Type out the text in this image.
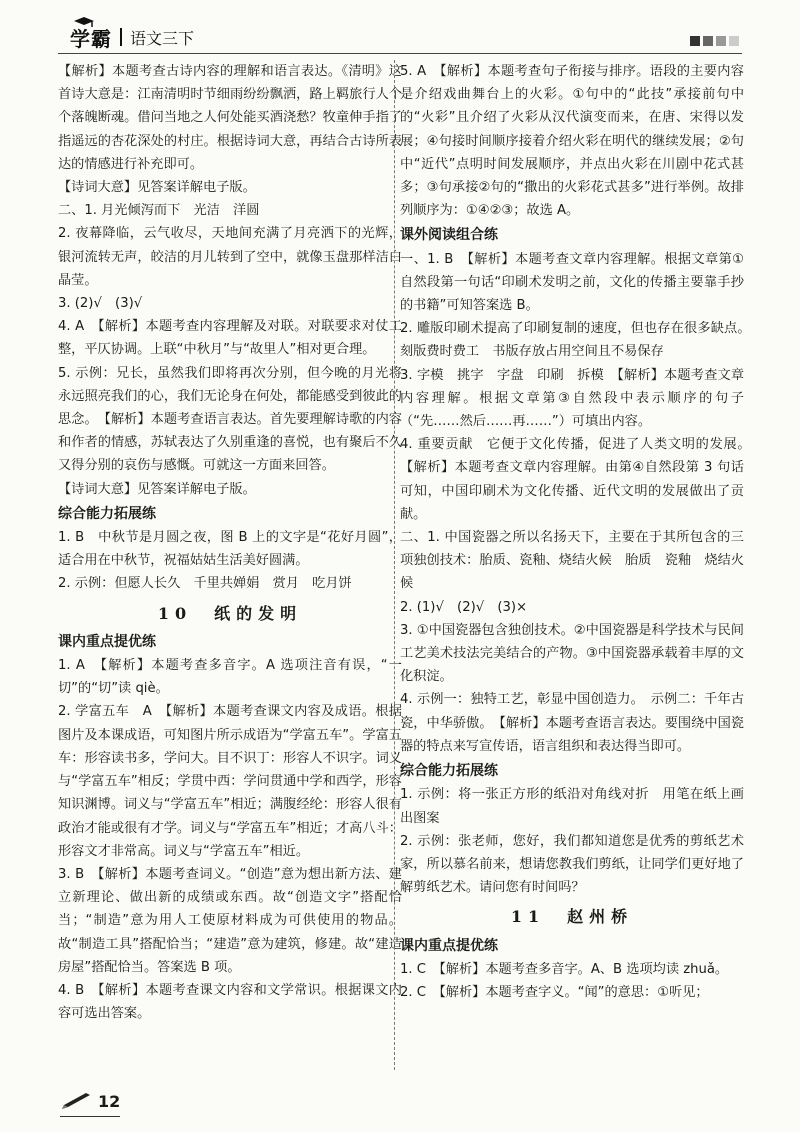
学霸 语文三下
【解析】本题考查古诗内容的理解和语言表达。《清明》这首诗大意是：江南清明时节细雨纷纷飘洒，路上羁旅行人个个落魄断魂。借问当地之人何处能买酒浇愁？牧童伸手指了指遥远的杏花深处的村庄。根据诗词大意，再结合古诗所表达的情感进行补充即可。
【诗词大意】见答案详解电子版。
二、1. 月光倾泻而下　光洁　洋圆
2. 夜幕降临，云气收尽，天地间充满了月亮洒下的光辉，银河流转无声，皎洁的月儿转到了空中，就像玉盘那样洁白晶莹。
3. (2)√　(3)√
4. A　【解析】本题考查内容理解及对联。对联要求对仗工整，平仄协调。上联“中秋月”与“故里人”相对更合理。
5. 示例：兄长，虽然我们即将再次分别，但今晚的月光将永远照亮我们的心，我们无论身在何处，都能感受到彼此的思念。　【解析】本题考查语言表达。首先要理解诗歌的内容和作者的情感，苏轼表达了久别重逢的喜悦，也有聚后不久又得分别的哀伤与感慨。可就这一方面来回答。
【诗词大意】见答案详解电子版。
综合能力拓展练
1. B　中秋节是月圆之夜，图 B 上的文字是“花好月圆”，适合用在中秋节，祝福姑姑生活美好圆满。
2. 示例：但愿人长久　千里共婵娟　赏月　吃月饼
10　纸的发明
课内重点提优练
1. A　【解析】本题考查多音字。A 选项注音有误，“一切”的“切”读 qiè。
2. 学富五车　A　【解析】本题考查课文内容及成语。根据图片及本课成语，可知图片所示成语为“学富五车”。学富五车：形容读书多，学问大。目不识丁：形容人不识字。词义与“学富五车”相反；学贯中西：学问贯通中学和西学，形容知识渊博。词义与“学富五车”相近；满腹经纶：形容人很有政治才能或很有才学。词义与“学富五车”相近；才高八斗：形容文才非常高。词义与“学富五车”相近。
3. B　【解析】本题考查词义。“创造”意为想出新方法、建立新理论、做出新的成绩或东西。故“创造文字”搭配恰当；“制造”意为用人工使原材料成为可供使用的物品。故“制造工具”搭配恰当；“建造”意为建筑，修建。故“建造房屋”搭配恰当。答案选 B 项。
4. B　【解析】本题考查课文内容和文学常识。根据课文内容可选出答案。
5. A　【解析】本题考查句子衔接与排序。语段的主要内容是介绍戏曲舞台上的火彩。①句中的“此技”承接前句中的“火彩”且介绍了火彩从汉代演变而来，在唐、宋得以发展；④句接时间顺序接着介绍火彩在明代的继续发展；②句中“近代”点明时间发展顺序，并点出火彩在川剧中花式甚多；③句承接②句的“撒出的火彩花式甚多”进行举例。故排列顺序为：①④②③；故选 A。
课外阅读组合练
一、1. B　【解析】本题考查文章内容理解。根据文章第①自然段第一句话“印刷术发明之前，文化的传播主要靠手抄的书籍”可知答案选 B。
2. 雕版印刷术提高了印刷复制的速度，但也存在很多缺点。　刻版费时费工　书版存放占用空间且不易保存
3. 字模　挑字　字盘　印刷　拆模　【解析】本题考查文章内容理解。根据文章第③自然段中表示顺序的句子（“先……然后……再……”）可填出内容。
4. 重要贡献　它便于文化传播，促进了人类文明的发展。　【解析】本题考查文章内容理解。由第④自然段第 3 句话可知，中国印刷术为文化传播、近代文明的发展做出了贡献。
二、1. 中国瓷器之所以名扬天下，主要在于其所包含的三项独创技术：胎质、瓷釉、烧结火候　胎质　瓷釉　烧结火候
2. (1)√　(2)√　(3)×
3. ①中国瓷器包含独创技术。②中国瓷器是科学技术与民间工艺美术技法完美结合的产物。③中国瓷器承载着丰厚的文化积淀。
4. 示例一：独特工艺，彰显中国创造力。　示例二：千年古瓷，中华骄傲。　【解析】本题考查语言表达。要围绕中国瓷器的特点来写宣传语，语言组织和表达得当即可。
综合能力拓展练
1. 示例：将一张正方形的纸沿对角线对折　用笔在纸上画出图案
2. 示例：张老师，您好，我们都知道您是优秀的剪纸艺术家，所以慕名前来，想请您教我们剪纸，让同学们更好地了解剪纸艺术。请问您有时间吗？
11　赵州桥
课内重点提优练
1. C　【解析】本题考查多音字。A、B 选项均读 zhuǎ。
2. C　【解析】本题考查字义。“闻”的意思：①听见；
12
